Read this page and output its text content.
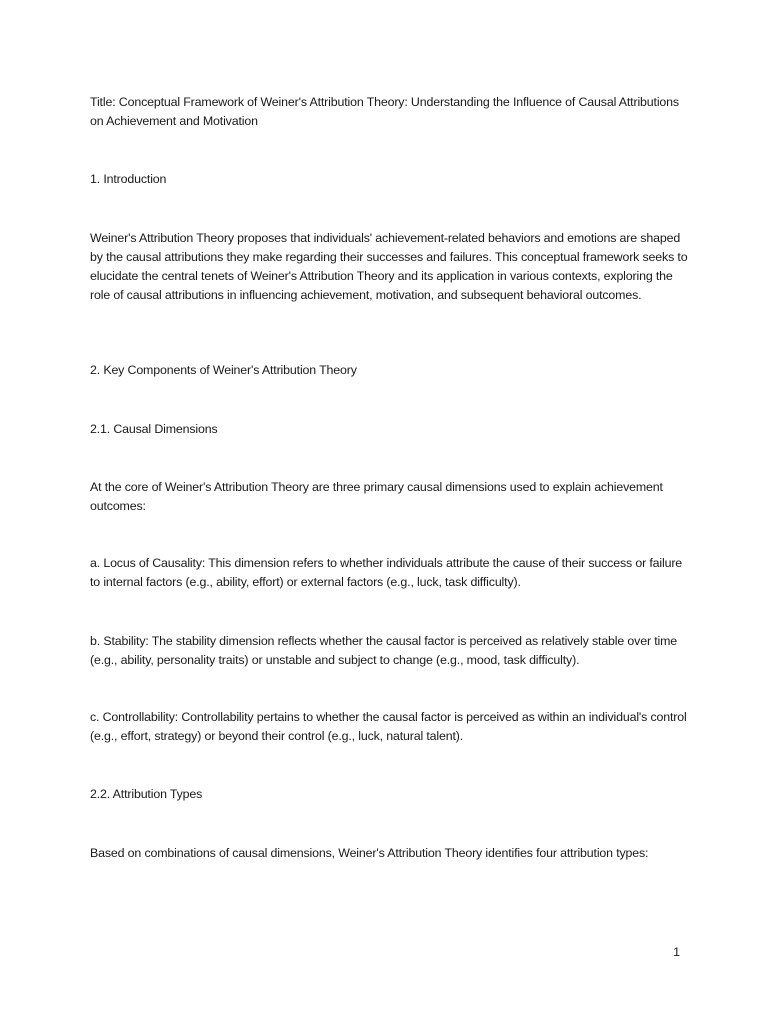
Title: Conceptual Framework of Weiner's Attribution Theory: Understanding the Influence of Causal Attributions on Achievement and Motivation

1. Introduction

Weiner's Attribution Theory proposes that individuals' achievement-related behaviors and emotions are shaped by the causal attributions they make regarding their successes and failures. This conceptual framework seeks to elucidate the central tenets of Weiner's Attribution Theory and its application in various contexts, exploring the role of causal attributions in influencing achievement, motivation, and subsequent behavioral outcomes.

2. Key Components of Weiner's Attribution Theory

2.1. Causal Dimensions

At the core of Weiner's Attribution Theory are three primary causal dimensions used to explain achievement outcomes:

a. Locus of Causality: This dimension refers to whether individuals attribute the cause of their success or failure to internal factors (e.g., ability, effort) or external factors (e.g., luck, task difficulty).

b. Stability: The stability dimension reflects whether the causal factor is perceived as relatively stable over time (e.g., ability, personality traits) or unstable and subject to change (e.g., mood, task difficulty).

c. Controllability: Controllability pertains to whether the causal factor is perceived as within an individual's control (e.g., effort, strategy) or beyond their control (e.g., luck, natural talent).

2.2. Attribution Types

Based on combinations of causal dimensions, Weiner's Attribution Theory identifies four attribution types:

1
